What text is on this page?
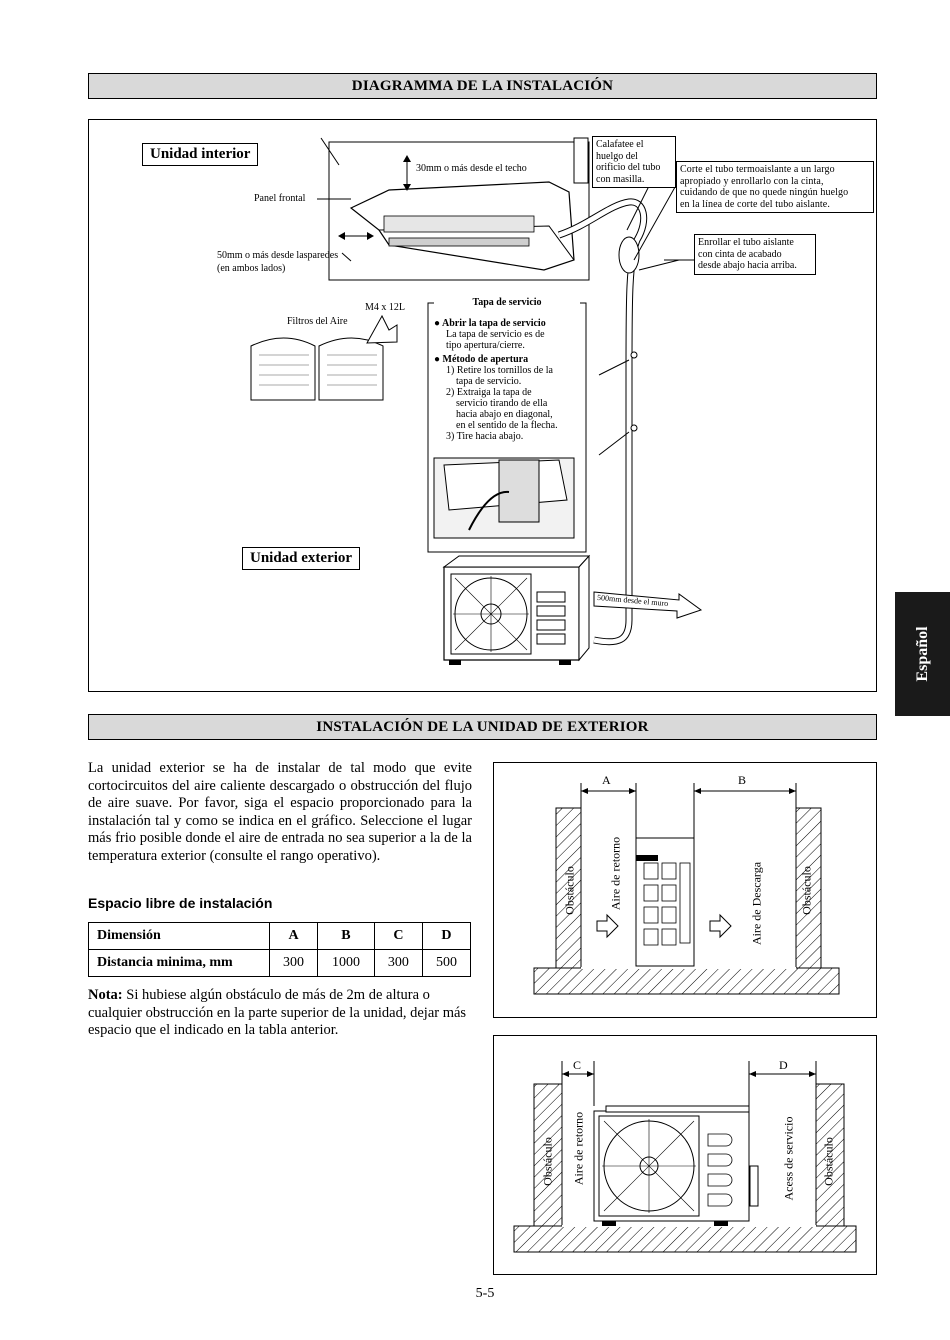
DIAGRAMMA DE LA INSTALACIÓN
Unidad interior
Unidad exterior
30mm o más desde el techo
Panel frontal
50mm o más desde lasparedes
(en ambos lados)
M4 x 12L
Filtros del Aire
Calafatee el
huelgo del
orificio del tubo
con masilla.
Corte el tubo termoaislante a un largo
apropiado y enrollarlo con la cinta,
cuidando de que no quede ningún huelgo
en la línea de corte del tubo aislante.
Enrollar el tubo aislante
con cinta de acabado
desde abajo hacia arriba.
Tapa de servicio
● Abrir la tapa de servicio
La tapa de servicio es de
tipo apertura/cierre.
● Método de apertura
1) Retire los tornillos de la
tapa de servicio.
2) Extraiga la tapa de
servicio tirando de ella
hacia abajo en diagonal,
en el sentido de la flecha.
3) Tire hacia abajo.
500mm desde el muro
Español
INSTALACIÓN DE LA UNIDAD DE EXTERIOR
La unidad exterior se ha de instalar de tal modo que evite cortocircuitos del aire caliente descargado o obstrucción del flujo de aire suave. Por favor, siga el espacio proporcionado para la instalación tal y como se indica en el gráfico. Seleccione el lugar más frio posible donde el aire de entrada no sea superior a la de la temperatura exterior (consulte el rango operativo).
Espacio libre de instalación
Dimensión	A	B	C	D
Distancia minima, mm	300	1000	300	500
Nota: Si hubiese algún obstáculo de más de 2m de altura o cualquier obstrucción en la parte superior de la unidad, dejar más espacio que el indicado en la tabla anterior.
A	B
Obstáculo	Aire de retorno	Aire de Descarga	Obstáculo
C	D
Obstáculo Aire de retorno	Acess de servicio Obstáculo
5-5
